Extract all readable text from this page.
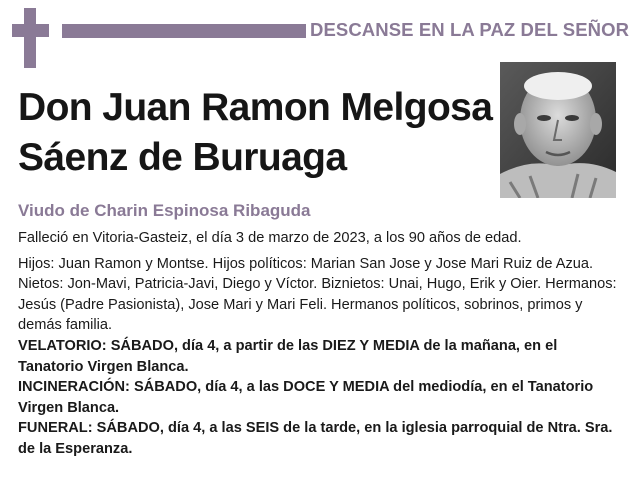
DESCANSE EN LA PAZ DEL SEÑOR
Don Juan Ramon Melgosa
Sáenz de Buruaga
Viudo de Charin Espinosa Ribaguda

Falleció en Vitoria-Gasteiz, el día 3 de marzo de 2023, a los 90 años de edad.

Hijos: Juan Ramon y Montse. Hijos políticos: Marian San Jose y Jose Mari Ruiz de Azua. Nietos: Jon-Mavi, Patricia-Javi, Diego y Víctor. Biznietos: Unai, Hugo, Erik y Oier. Hermanos: Jesús (Padre Pasionista), Jose Mari y Mari Feli. Hermanos políticos, sobrinos, primos y demás familia.

VELATORIO: SÁBADO, día 4, a partir de las DIEZ Y MEDIA de la mañana, en el Tanatorio Virgen Blanca.

INCINERACIÓN: SÁBADO, día 4, a las DOCE Y MEDIA del mediodía, en el Tanatorio Virgen Blanca.

FUNERAL: SÁBADO, día 4, a las SEIS de la tarde, en la iglesia parroquial de Ntra. Sra. de la Esperanza.
